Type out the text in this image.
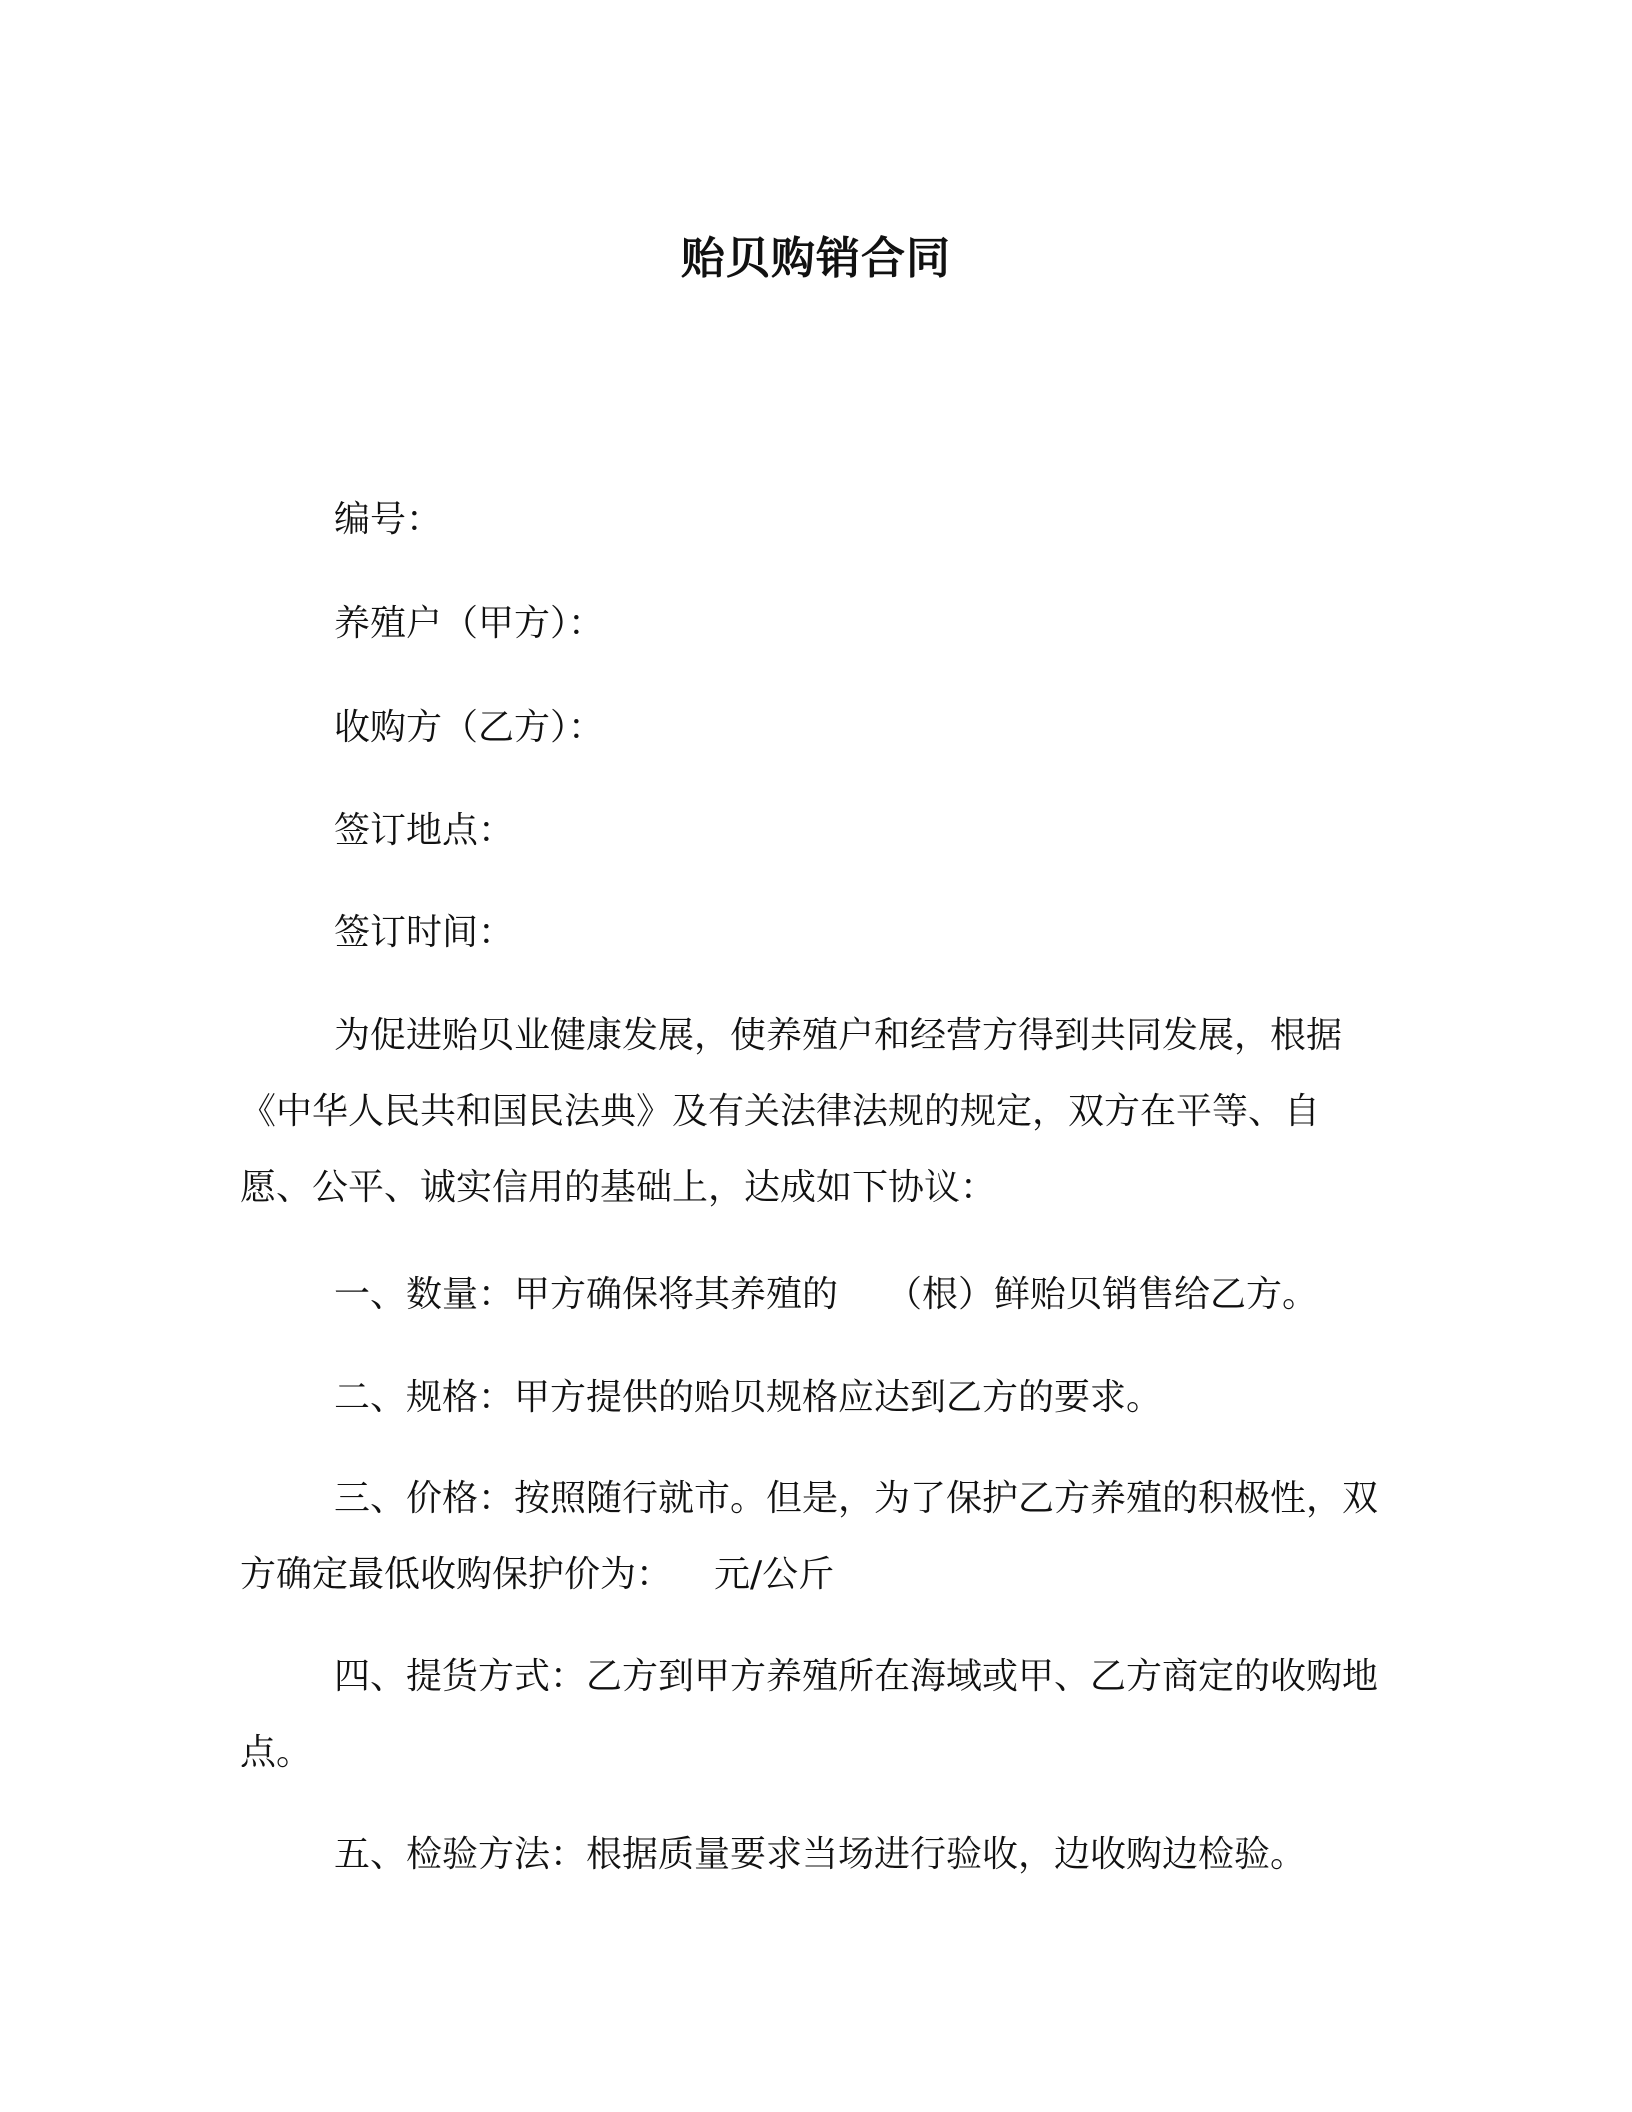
贻贝购销合同
编号：
养殖户（甲方）：
收购方（乙方）：
签订地点：
签订时间：
为促进贻贝业健康发展，使养殖户和经营方得到共同发展，根据《中华人民共和国民法典》及有关法律法规的规定，双方在平等、自愿、公平、诚实信用的基础上，达成如下协议：
一、数量：甲方确保将其养殖的 （根）鲜贻贝销售给乙方。
二、规格：甲方提供的贻贝规格应达到乙方的要求。
三、价格：按照随行就市。但是，为了保护乙方养殖的积极性，双方确定最低收购保护价为： 元/公斤
四、提货方式：乙方到甲方养殖所在海域或甲、乙方商定的收购地点。
五、检验方法：根据质量要求当场进行验收，边收购边检验。
